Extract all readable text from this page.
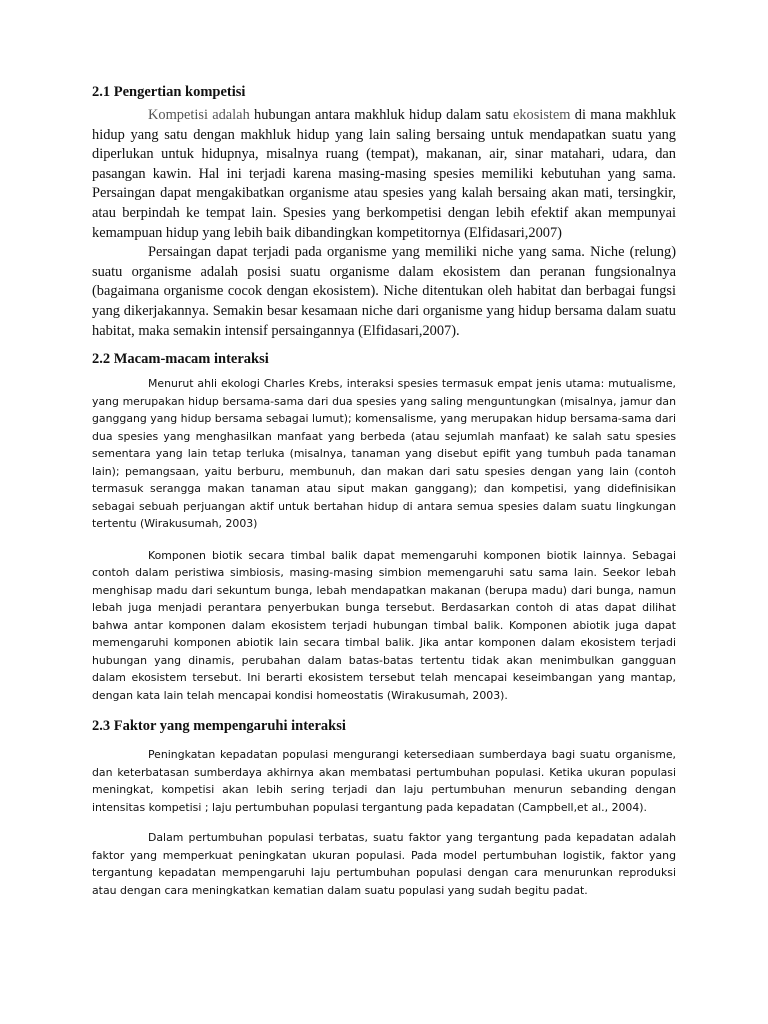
2.1 Pengertian kompetisi

Kompetisi adalah hubungan antara makhluk hidup dalam satu ekosistem di mana makhluk hidup yang satu dengan makhluk hidup yang lain saling bersaing untuk mendapatkan suatu yang diperlukan untuk hidupnya, misalnya ruang (tempat), makanan, air, sinar matahari, udara, dan pasangan kawin. Hal ini terjadi karena masing-masing spesies memiliki kebutuhan yang sama. Persaingan dapat mengakibatkan organisme atau spesies yang kalah bersaing akan mati, tersingkir, atau berpindah ke tempat lain. Spesies yang berkompetisi dengan lebih efektif akan mempunyai kemampuan hidup yang lebih baik dibandingkan kompetitornya (Elfidasari,2007)

Persaingan dapat terjadi pada organisme yang memiliki niche yang sama. Niche (relung) suatu organisme adalah posisi suatu organisme dalam ekosistem dan peranan fungsionalnya (bagaimana organisme cocok dengan ekosistem). Niche ditentukan oleh habitat dan berbagai fungsi yang dikerjakannya. Semakin besar kesamaan niche dari organisme yang hidup bersama dalam suatu habitat, maka semakin intensif persaingannya (Elfidasari,2007).

2.2 Macam-macam interaksi

Menurut ahli ekologi Charles Krebs, interaksi spesies termasuk empat jenis utama: mutualisme, yang merupakan hidup bersama-sama dari dua spesies yang saling menguntungkan (misalnya, jamur dan ganggang yang hidup bersama sebagai lumut); komensalisme, yang merupakan hidup bersama-sama dari dua spesies yang menghasilkan manfaat yang berbeda (atau sejumlah manfaat) ke salah satu spesies sementara yang lain tetap terluka (misalnya, tanaman yang disebut epifit yang tumbuh pada tanaman lain); pemangsaan, yaitu berburu, membunuh, dan makan dari satu spesies dengan yang lain (contoh termasuk serangga makan tanaman atau siput makan ganggang); dan kompetisi, yang didefinisikan sebagai sebuah perjuangan aktif untuk bertahan hidup di antara semua spesies dalam suatu lingkungan tertentu (Wirakusumah, 2003)

Komponen biotik secara timbal balik dapat memengaruhi komponen biotik lainnya. Sebagai contoh dalam peristiwa simbiosis, masing-masing simbion memengaruhi satu sama lain. Seekor lebah menghisap madu dari sekuntum bunga, lebah mendapatkan makanan (berupa madu) dari bunga, namun lebah juga menjadi perantara penyerbukan bunga tersebut. Berdasarkan contoh di atas dapat dilihat bahwa antar komponen dalam ekosistem terjadi hubungan timbal balik. Komponen abiotik juga dapat memengaruhi komponen abiotik lain secara timbal balik. Jika antar komponen dalam ekosistem terjadi hubungan yang dinamis, perubahan dalam batas-batas tertentu tidak akan menimbulkan gangguan dalam ekosistem tersebut. Ini berarti ekosistem tersebut telah mencapai keseimbangan yang mantap, dengan kata lain telah mencapai kondisi homeostatis (Wirakusumah, 2003).

2.3 Faktor yang mempengaruhi interaksi

Peningkatan kepadatan populasi mengurangi ketersediaan sumberdaya bagi suatu organisme, dan keterbatasan sumberdaya akhirnya akan membatasi pertumbuhan populasi. Ketika ukuran populasi meningkat, kompetisi akan lebih sering terjadi dan laju pertumbuhan menurun sebanding dengan intensitas kompetisi ; laju pertumbuhan populasi tergantung pada kepadatan (Campbell,et al., 2004).

Dalam pertumbuhan populasi terbatas, suatu faktor yang tergantung pada kepadatan adalah faktor yang memperkuat peningkatan ukuran populasi. Pada model pertumbuhan logistik, faktor yang tergantung kepadatan mempengaruhi laju pertumbuhan populasi dengan cara menurunkan reproduksi atau dengan cara meningkatkan kematian dalam suatu populasi yang sudah begitu padat.
